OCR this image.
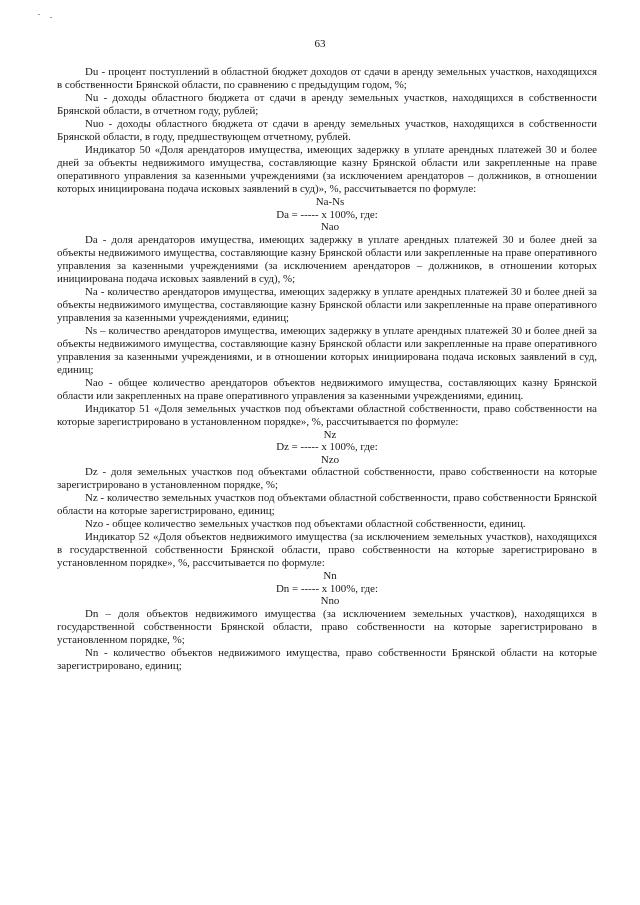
63

Du - процент поступлений в областной бюджет доходов от сдачи в аренду земельных участков, находящихся в собственности Брянской области, по сравнению с предыдущим годом, %;

Nu - доходы областного бюджета от сдачи в аренду земельных участков, находящихся в собственности Брянской области, в отчетном году, рублей;

Nuo - доходы областного бюджета от сдачи в аренду земельных участков, находящихся в собственности Брянской области, в году, предшествующем отчетному, рублей.

Индикатор 50 «Доля арендаторов имущества, имеющих задержку в уплате арендных платежей 30 и более дней за объекты недвижимого имущества, составляющие казну Брянской области или закрепленные на праве оперативного управления за казенными учреждениями (за исключением арендаторов – должников, в отношении которых инициирована подача исковых заявлений в суд)», %, рассчитывается по формуле:

Na-Ns
Da = ----- х 100%, где:
Nao

Da - доля арендаторов имущества, имеющих задержку в уплате арендных платежей 30 и более дней за объекты недвижимого имущества, составляющие казну Брянской области или закрепленные на праве оперативного управления за казенными учреждениями (за исключением арендаторов – должников, в отношении которых инициирована подача исковых заявлений в суд), %;

Na - количество арендаторов имущества, имеющих задержку в уплате арендных платежей 30 и более дней за объекты недвижимого имущества, составляющие казну Брянской области или закрепленные на праве оперативного управления за казенными учреждениями, единиц;

Ns – количество арендаторов имущества, имеющих задержку в уплате арендных платежей 30 и более дней за объекты недвижимого имущества, составляющие казну Брянской области или закрепленные на праве оперативного управления за казенными учреждениями, и в отношении которых инициирована подача исковых заявлений в суд, единиц;

Nao - общее количество арендаторов объектов недвижимого имущества, составляющих казну Брянской области или закрепленных на праве оперативного управления за казенными учреждениями, единиц.

Индикатор 51 «Доля земельных участков под объектами областной собственности, право собственности на которые зарегистрировано в установленном порядке», %, рассчитывается по формуле:

Nz
Dz = ----- х 100%, где:
Nzo

Dz - доля земельных участков под объектами областной собственности, право собственности на которые зарегистрировано в установленном порядке, %;

Nz - количество земельных участков под объектами областной собственности, право собственности Брянской области на которые зарегистрировано, единиц;

Nzo - общее количество земельных участков под объектами областной собственности, единиц.

Индикатор 52 «Доля объектов недвижимого имущества (за исключением земельных участков), находящихся в государственной собственности Брянской области, право собственности на которые зарегистрировано в установленном порядке», %, рассчитывается по формуле:

Nn
Dn = ----- х 100%, где:
Nno

Dn – доля объектов недвижимого имущества (за исключением земельных участков), находящихся в государственной собственности Брянской области, право собственности на которые зарегистрировано в установленном порядке, %;

Nn - количество объектов недвижимого имущества, право собственности Брянской области на которые зарегистрировано, единиц;
